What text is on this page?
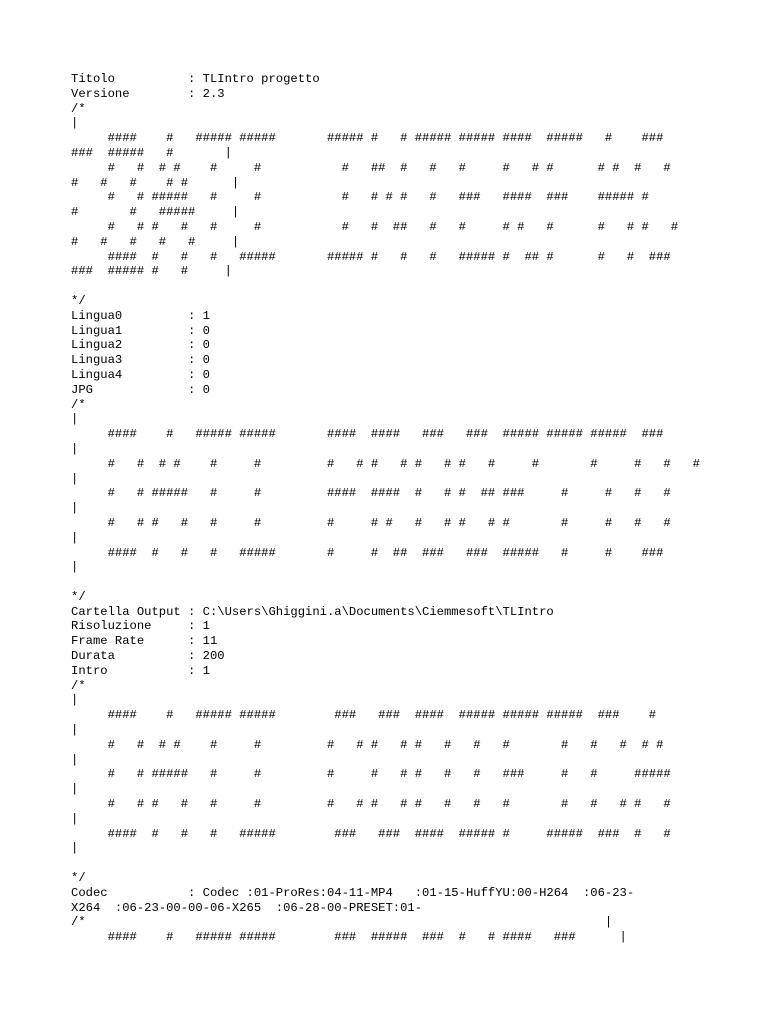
Titolo          : TLIntro progetto
Versione        : 2.3
/*
|
####    #   ##### #####       ##### #   # ##### ##### ####  #####   #    ###
###  #####   #       |
#   #  # #    #     #           #   ##  #   #   #     #   # #      # #  #   #
#   #   #    # #      |
#   # #####   #     #           #   # # #   #   ###   ####  ###    ##### #
#       #   #####     |
#   # #   #   #     #           #   #  ##   #   #     # #   #      #   # #   #
#   #   #   #   #     |
####  #   #   #   #####       ##### #   #   #   ##### #  ## #      #   #  ###
###  ##### #   #     |
*/
Lingua0         : 1
Lingua1         : 0
Lingua2         : 0
Lingua3         : 0
Lingua4         : 0
JPG             : 0
/*
|
####    #   ##### #####       ####  ####   ###   ###  ##### ##### #####  ###
|
#   #  # #    #     #         #   # #   # #   # #   #     #       #     #   #   #
|
#   # #####   #     #         ####  ####  #   # #  ## ###     #     #   #   #
|
#   # #   #   #     #         #     # #   #   # #   # #       #     #   #   #
|
####  #   #   #   #####       #     #  ##  ###   ###  #####   #     #    ###
|
*/
Cartella Output : C:\Users\Ghiggini.a\Documents\Ciemmesoft\TLIntro
Risoluzione     : 1
Frame Rate      : 11
Durata          : 200
Intro           : 1
/*
|
####    #   ##### #####        ###   ###  ####  ##### ##### #####  ###    #
|
#   #  # #    #     #         #   # #   # #   #   #   #       #   #   #  # #
|
#   # #####   #     #         #     #   # #   #   #   ###     #   #     #####
|
#   # #   #   #     #         #   # #   # #   #   #   #       #   #   # #   #
|
####  #   #   #   #####        ###   ###  ####  ##### #     #####  ###  #   #
|
*/
Codec           : Codec :01-ProRes:04-11-MP4   :01-15-HuffYU:00-H264  :06-23-
X264  :06-23-00-00-06-X265  :06-28-00-PRESET:01-
/*                                                                       |
####    #   ##### #####        ###  #####  ###  #   # ####   ###      |
